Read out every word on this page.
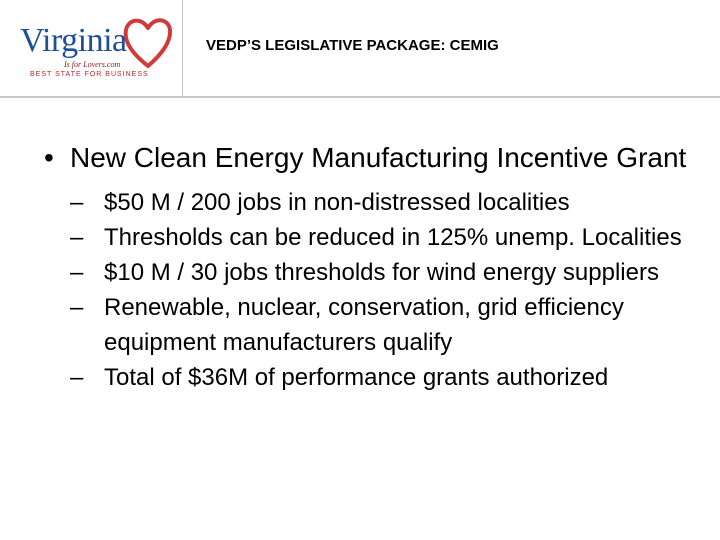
Virginia
Is for Lovers.com
BEST STATE FOR BUSINESS
VEDP’S LEGISLATIVE PACKAGE: CEMIG
• New Clean Energy Manufacturing Incentive Grant
– $50 M / 200 jobs in non-distressed localities
– Thresholds can be reduced in 125% unemp. Localities
– $10 M / 30 jobs thresholds for wind energy suppliers
– Renewable, nuclear, conservation, grid efficiency equipment manufacturers qualify
– Total of $36M of performance grants authorized
